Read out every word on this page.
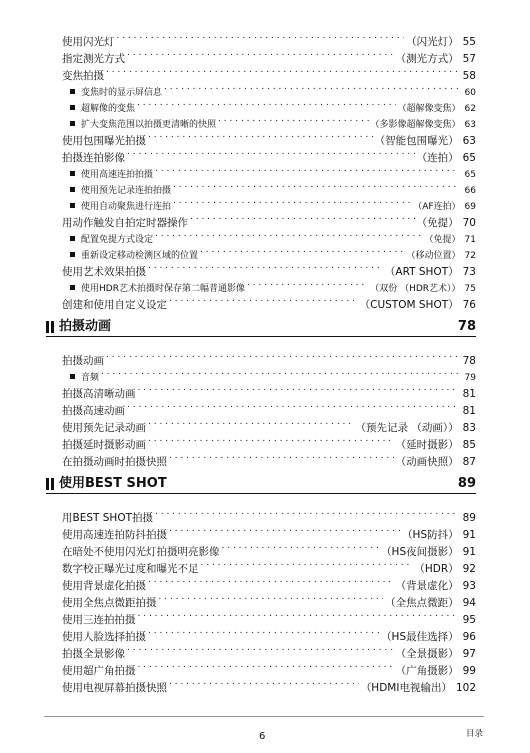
使用闪光灯 . . .	（闪光灯） 55
指定测光方式 . . .	（测光方式） 57
变焦拍摄 . . .	58
变焦时的显示屏信息 . . .	60
超解像的变焦 . . .	（超解像变焦） 62
扩大变焦范围以拍摄更清晰的快照 . . .	（多影像超解像变焦） 63
使用包围曝光拍摄 . . .	（智能包围曝光） 63
拍摄连拍影像 . . .	（连拍） 65
使用高速连拍拍摄 . . .	65
使用预先记录连拍拍摄 . . .	66
使用自动聚焦进行连拍 . . .	（AF连拍） 69
用动作触发自拍定时器操作 . . .	（免提） 70
配置免提方式设定 . . .	（免提） 71
重新设定移动检测区域的位置 . . .	（移动位置） 72
使用艺术效果拍摄 . . .	（ART SHOT） 73
使用HDR艺术拍摄时保存第二幅普通影像 . . .	（双份 （HDR艺术）） 75
创建和使用自定义设定 . . .	（CUSTOM SHOT） 76
拍摄动画	78
拍摄动画 . . .	78
音频 . . .	79
拍摄高清晰动画 . . .	81
拍摄高速动画 . . .	81
使用预先记录动画 . . .	（预先记录 （动画）） 83
拍摄延时摄影动画 . . .	（延时摄影） 85
在拍摄动画时拍摄快照 . . .	（动画快照） 87
使用BEST SHOT	89
用BEST SHOT拍摄 . . .	89
使用高速连拍防抖拍摄 . . .	（HS防抖） 91
在暗处不使用闪光灯拍摄明亮影像 . . .	（HS夜间摄影） 91
数字校正曝光过度和曝光不足 . . .	（HDR） 92
使用背景虚化拍摄 . . .	（背景虚化） 93
使用全焦点微距拍摄 . . .	（全焦点微距） 94
使用三连拍拍摄 . . .	95
使用人脸选择拍摄 . . .	（HS最佳选择） 96
拍摄全景影像 . . .	（全景摄影） 97
使用超广角拍摄 . . .	（广角摄影） 99
使用电视屏幕拍摄快照 . . .	（HDMI电视输出） 102
6	目录
